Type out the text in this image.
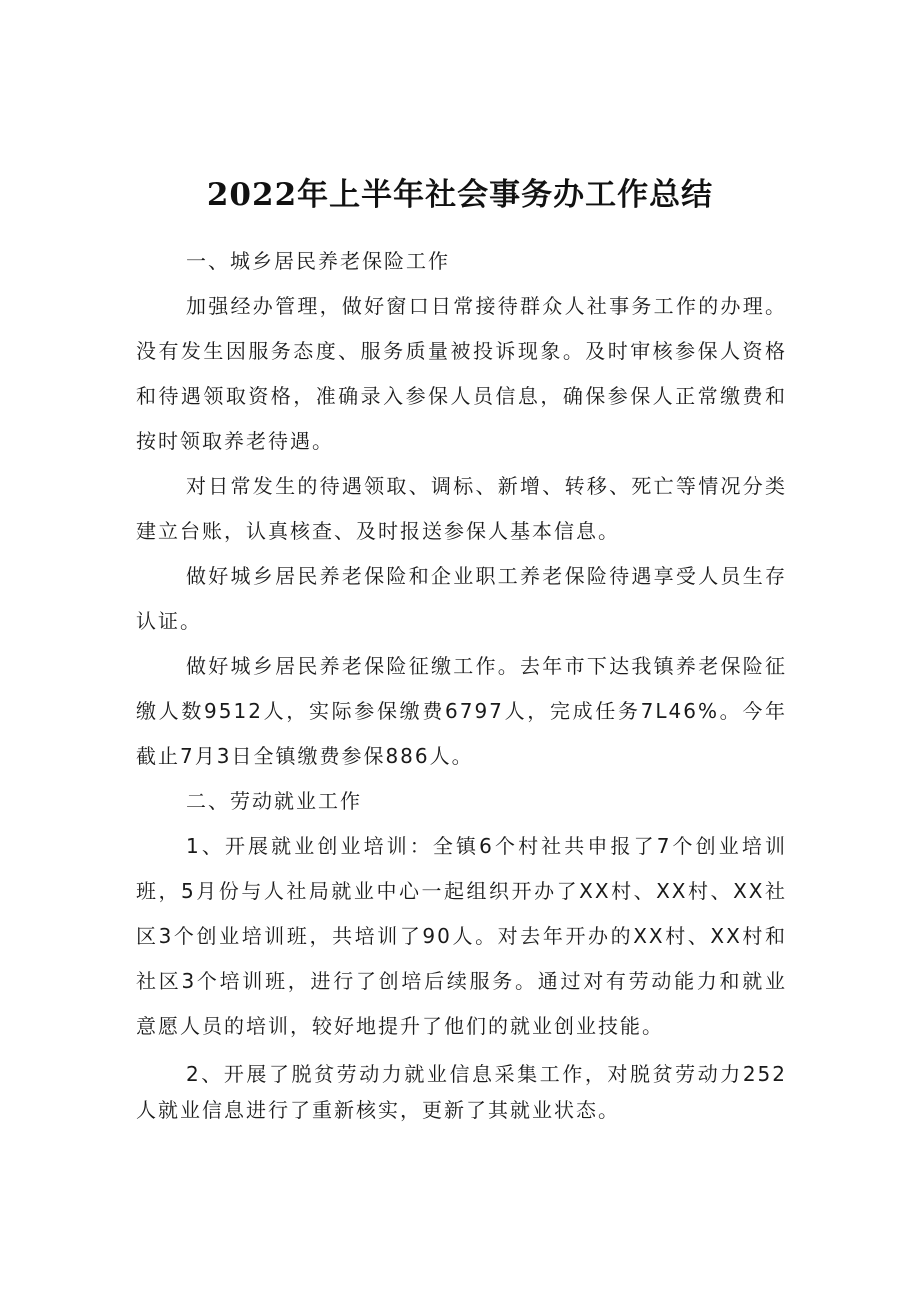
2022年上半年社会事务办工作总结

一、城乡居民养老保险工作

加强经办管理，做好窗口日常接待群众人社事务工作的办理。没有发生因服务态度、服务质量被投诉现象。及时审核参保人资格和待遇领取资格，准确录入参保人员信息，确保参保人正常缴费和按时领取养老待遇。

对日常发生的待遇领取、调标、新增、转移、死亡等情况分类建立台账，认真核查、及时报送参保人基本信息。

做好城乡居民养老保险和企业职工养老保险待遇享受人员生存认证。

做好城乡居民养老保险征缴工作。去年市下达我镇养老保险征缴人数9512人，实际参保缴费6797人，完成任务7L46%。今年截止7月3日全镇缴费参保886人。

二、劳动就业工作

1、开展就业创业培训：全镇6个村社共申报了7个创业培训班，5月份与人社局就业中心一起组织开办了XX村、XX村、XX社区3个创业培训班，共培训了90人。对去年开办的XX村、XX村和社区3个培训班，进行了创培后续服务。通过对有劳动能力和就业意愿人员的培训，较好地提升了他们的就业创业技能。

2、开展了脱贫劳动力就业信息采集工作，对脱贫劳动力252人就业信息进行了重新核实，更新了其就业状态。
